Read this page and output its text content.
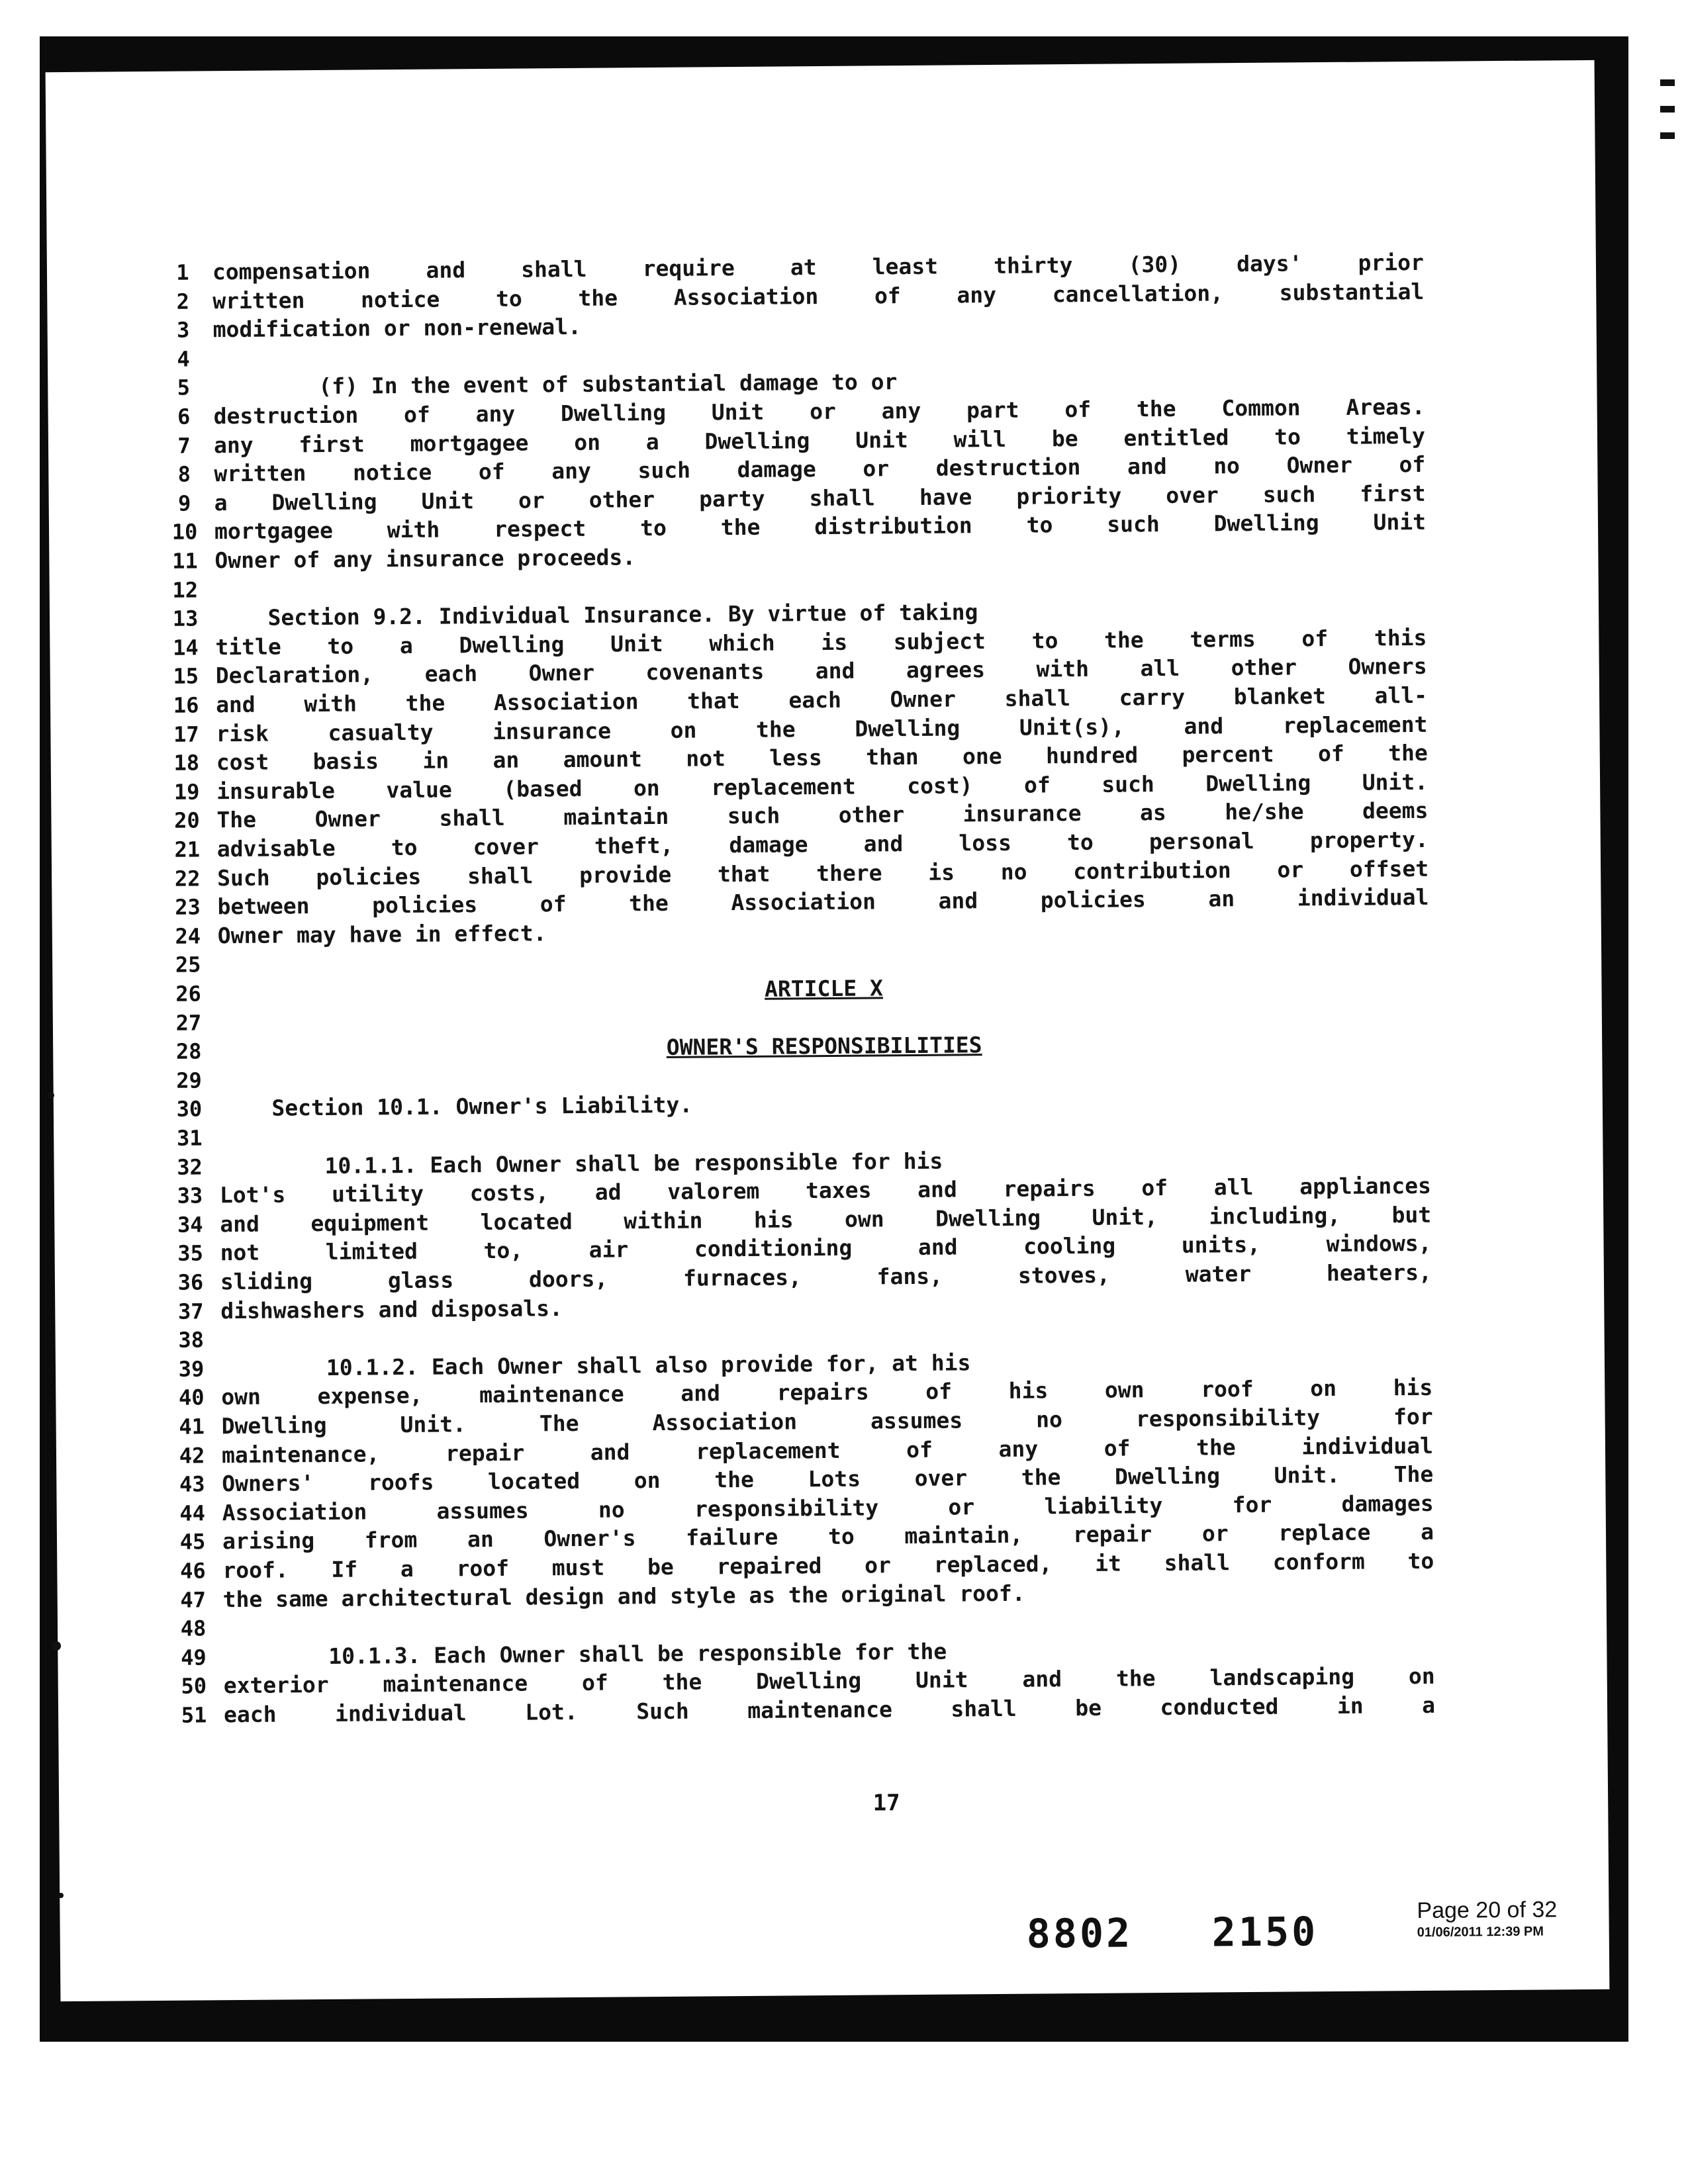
1	compensation and shall require at least thirty (30) days' prior
2	written notice to the Association of any cancellation, substantial
3	modification or non-renewal.
4
5	(f) In the event of substantial damage to or
6	destruction of any Dwelling Unit or any part of the Common Areas.
7	any first mortgagee on a Dwelling Unit will be entitled to timely
8	written notice of any such damage or destruction and no Owner of
9	a Dwelling Unit or other party shall have priority over such first
10 mortgagee with respect to the distribution to such Dwelling Unit
11 Owner of any insurance proceeds.
12
13 Section 9.2. Individual Insurance. By virtue of taking
14 title to a Dwelling Unit which is subject to the terms of this
15 Declaration, each Owner covenants and agrees with all other Owners
16 and with the Association that each Owner shall carry blanket all-
17 risk casualty insurance on the Dwelling Unit(s), and replacement
18 cost basis in an amount not less than one hundred percent of the
19 insurable value (based on replacement cost) of such Dwelling Unit.
20 The Owner shall maintain such other insurance as he/she deems
21 advisable to cover theft, damage and loss to personal property.
22 Such policies shall provide that there is no contribution or offset
23 between policies of the Association and policies an individual
24 Owner may have in effect.
25
26	ARTICLE X
27
28	OWNER'S RESPONSIBILITIES
29
30 Section 10.1. Owner's Liability.
31
32 10.1.1. Each Owner shall be responsible for his
33 Lot's utility costs, ad valorem taxes and repairs of all appliances
34 and equipment located within his own Dwelling Unit, including, but
35 not limited to, air conditioning and cooling units, windows,
36 sliding glass doors, furnaces, fans, stoves, water heaters,
37 dishwashers and disposals.
38
39 10.1.2. Each Owner shall also provide for, at his
40 own expense, maintenance and repairs of his own roof on his
41 Dwelling Unit. The Association assumes no responsibility for
42 maintenance, repair and replacement of any of the individual
43 Owners' roofs located on the Lots over the Dwelling Unit. The
44 Association assumes no responsibility or liability for damages
45 arising from an Owner's failure to maintain, repair or replace a
46 roof. If a roof must be repaired or replaced, it shall conform to
47 the same architectural design and style as the original roof.
48
49 10.1.3. Each Owner shall be responsible for the
50 exterior maintenance of the Dwelling Unit and the landscaping on
51 each individual Lot. Such maintenance shall be conducted in a
17
8802 2150	Page 20 of 32
01/06/2011 12:39 PM
